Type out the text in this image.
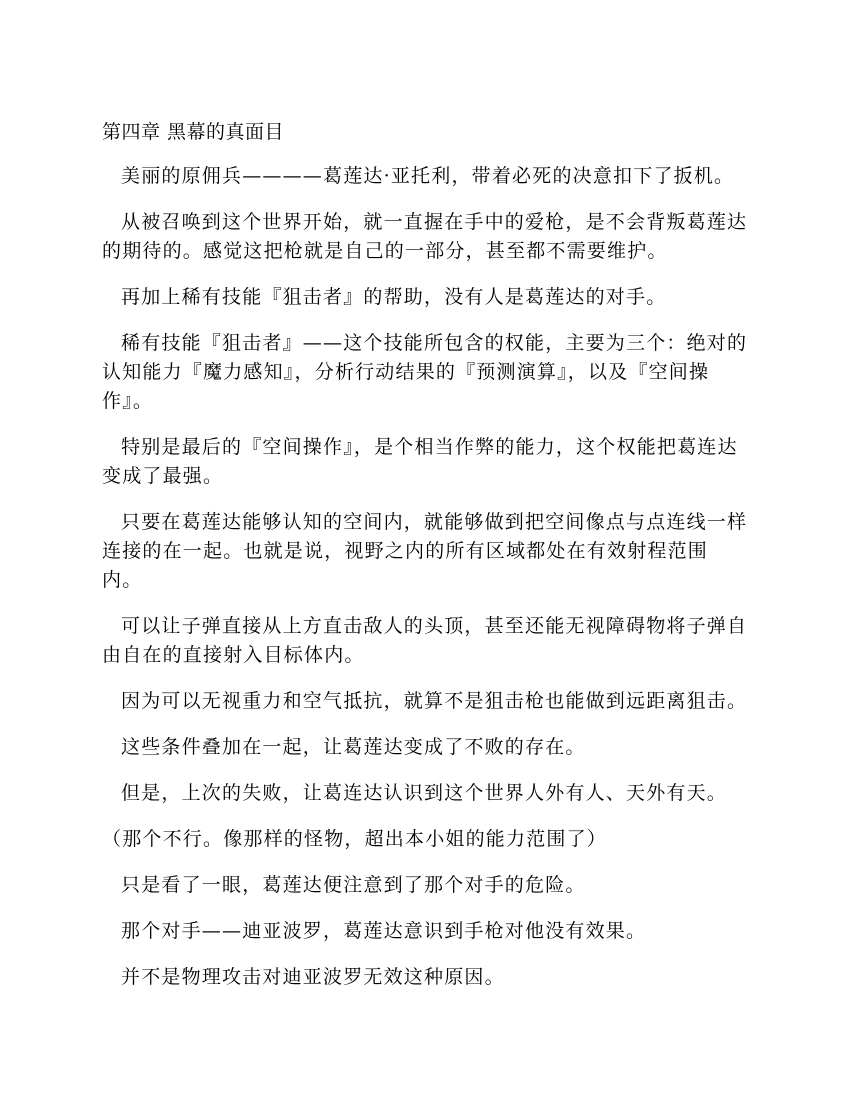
第四章 黑幕的真面目

美丽的原佣兵————葛莲达·亚托利，带着必死的决意扣下了扳机。

从被召唤到这个世界开始，就一直握在手中的爱枪，是不会背叛葛莲达的期待的。感觉这把枪就是自己的一部分，甚至都不需要维护。

再加上稀有技能『狙击者』的帮助，没有人是葛莲达的对手。

稀有技能『狙击者』——这个技能所包含的权能，主要为三个：绝对的认知能力『魔力感知』，分析行动结果的『预测演算』，以及『空间操作』。

特别是最后的『空间操作』，是个相当作弊的能力，这个权能把葛连达变成了最强。

只要在葛莲达能够认知的空间内，就能够做到把空间像点与点连线一样连接的在一起。也就是说，视野之内的所有区域都处在有效射程范围内。

可以让子弹直接从上方直击敌人的头顶，甚至还能无视障碍物将子弹自由自在的直接射入目标体内。

因为可以无视重力和空气抵抗，就算不是狙击枪也能做到远距离狙击。

这些条件叠加在一起，让葛莲达变成了不败的存在。

但是，上次的失败，让葛连达认识到这个世界人外有人、天外有天。

（那个不行。像那样的怪物，超出本小姐的能力范围了）

只是看了一眼，葛莲达便注意到了那个对手的危险。

那个对手——迪亚波罗，葛莲达意识到手枪对他没有效果。

并不是物理攻击对迪亚波罗无效这种原因。
